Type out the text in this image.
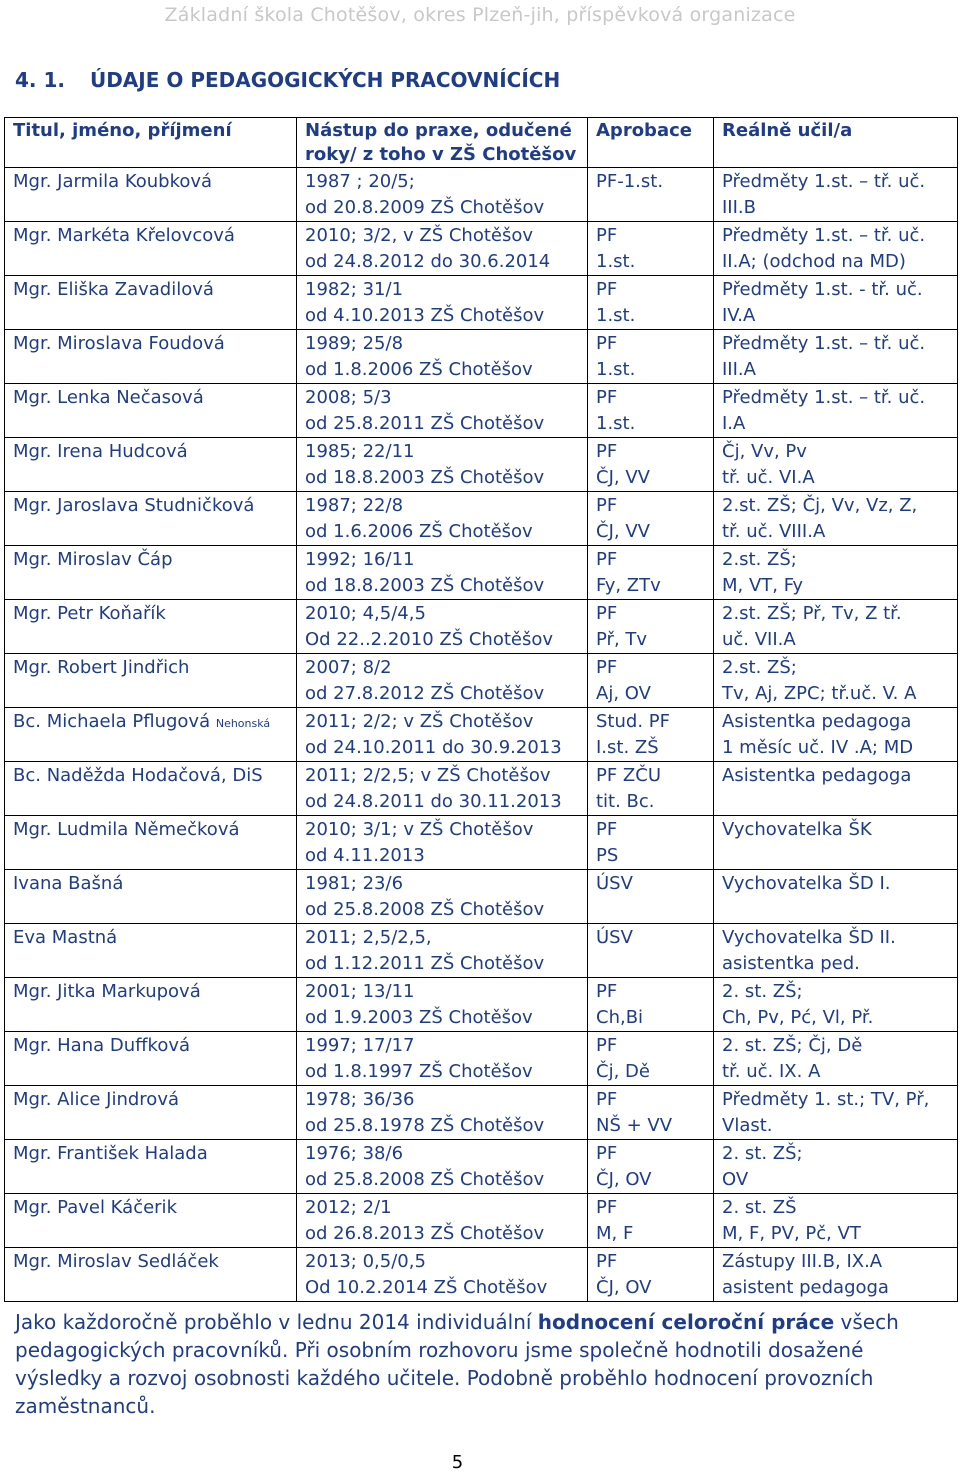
Základní škola Chotěšov, okres Plzeň-jih, příspěvková organizace
4. 1. ÚDAJE O PEDAGOGICKÝCH PRACOVNÍCÍCH
Titul, jméno, příjmení	Nástup do praxe, odučené
roky/ z toho v ZŠ Chotěšov	Aprobace	Reálně učil/a
Mgr. Jarmila Koubková	1987 ; 20/5;
od 20.8.2009 ZŠ Chotěšov	PF-1.st.	Předměty 1.st. – tř. uč.
III.B

Mgr. Markéta Křelovcová	2010; 3/2, v ZŠ Chotěšov
od 24.8.2012 do 30.6.2014	PF
1.st.	Předměty 1.st. – tř. uč.
II.A; (odchod na MD)

Mgr. Eliška Zavadilová	1982; 31/1
od 4.10.2013 ZŠ Chotěšov	PF
1.st.	Předměty 1.st. - tř. uč.
IV.A

Mgr. Miroslava Foudová	1989; 25/8
od 1.8.2006 ZŠ Chotěšov	PF
1.st.	Předměty 1.st. – tř. uč.
III.A

Mgr. Lenka Nečasová	2008; 5/3
od 25.8.2011 ZŠ Chotěšov	PF
1.st.	Předměty 1.st. – tř. uč.
I.A

Mgr. Irena Hudcová	1985; 22/11
od 18.8.2003 ZŠ Chotěšov	PF
ČJ, VV	Čj, Vv, Pv
tř. uč. VI.A

Mgr. Jaroslava Studničková	1987; 22/8
od 1.6.2006 ZŠ Chotěšov	PF
ČJ, VV	2.st. ZŠ; Čj, Vv, Vz, Z,
tř. uč. VIII.A

Mgr. Miroslav Čáp	1992; 16/11
od 18.8.2003 ZŠ Chotěšov	PF
Fy, ZTv	2.st. ZŠ;
M, VT, Fy

Mgr. Petr Koňařík	2010; 4,5/4,5
Od 22..2.2010 ZŠ Chotěšov	PF
Př, Tv	2.st. ZŠ; Př, Tv, Z tř.
uč. VII.A

Mgr. Robert Jindřich	2007; 8/2
od 27.8.2012 ZŠ Chotěšov	PF
Aj, OV	2.st. ZŠ;
Tv, Aj, ZPC; tř.uč. V. A

Bc. Michaela Pflugová Nehonská	2011; 2/2; v ZŠ Chotěšov
od 24.10.2011 do 30.9.2013	Stud. PF
I.st. ZŠ	Asistentka pedagoga
1 měsíc uč. IV .A; MD

Bc. Naděžda Hodačová, DiS	2011; 2/2,5; v ZŠ Chotěšov
od 24.8.2011 do 30.11.2013	PF ZČU
tit. Bc.	Asistentka pedagoga

Mgr. Ludmila Němečková	2010; 3/1; v ZŠ Chotěšov
od 4.11.2013	PF
PS	Vychovatelka ŠK

Ivana Bašná	1981; 23/6
od 25.8.2008 ZŠ Chotěšov	ÚSV	Vychovatelka ŠD I.

Eva Mastná	2011; 2,5/2,5,
od 1.12.2011 ZŠ Chotěšov	ÚSV	Vychovatelka ŠD II.
asistentka ped.

Mgr. Jitka Markupová	2001; 13/11
od 1.9.2003 ZŠ Chotěšov	PF
Ch,Bi	2. st. ZŠ;
Ch, Pv, Pć, Vl, Př.

Mgr. Hana Duffková	1997; 17/17
od 1.8.1997 ZŠ Chotěšov	PF
Čj, Dě	2. st. ZŠ; Čj, Dě
tř. uč. IX. A

Mgr. Alice Jindrová	1978; 36/36
od 25.8.1978 ZŠ Chotěšov	PF
NŠ + VV	Předměty 1. st.; TV, Př,
Vlast.

Mgr. František Halada	1976; 38/6
od 25.8.2008 ZŠ Chotěšov	PF
ČJ, OV	2. st. ZŠ;
OV

Mgr. Pavel Káčerik	2012; 2/1
od 26.8.2013 ZŠ Chotěšov	PF
M, F	2. st. ZŠ
M, F, PV, Pč, VT

Mgr. Miroslav Sedláček	2013; 0,5/0,5
Od 10.2.2014 ZŠ Chotěšov	PF
ČJ, OV	Zástupy III.B, IX.A
asistent pedagoga
Jako každoročně proběhlo v lednu 2014 individuální hodnocení celoroční práce všech pedagogických pracovníků. Při osobním rozhovoru jsme společně hodnotili dosažené výsledky a rozvoj osobnosti každého učitele. Podobně proběhlo hodnocení provozních zaměstnanců.
5
